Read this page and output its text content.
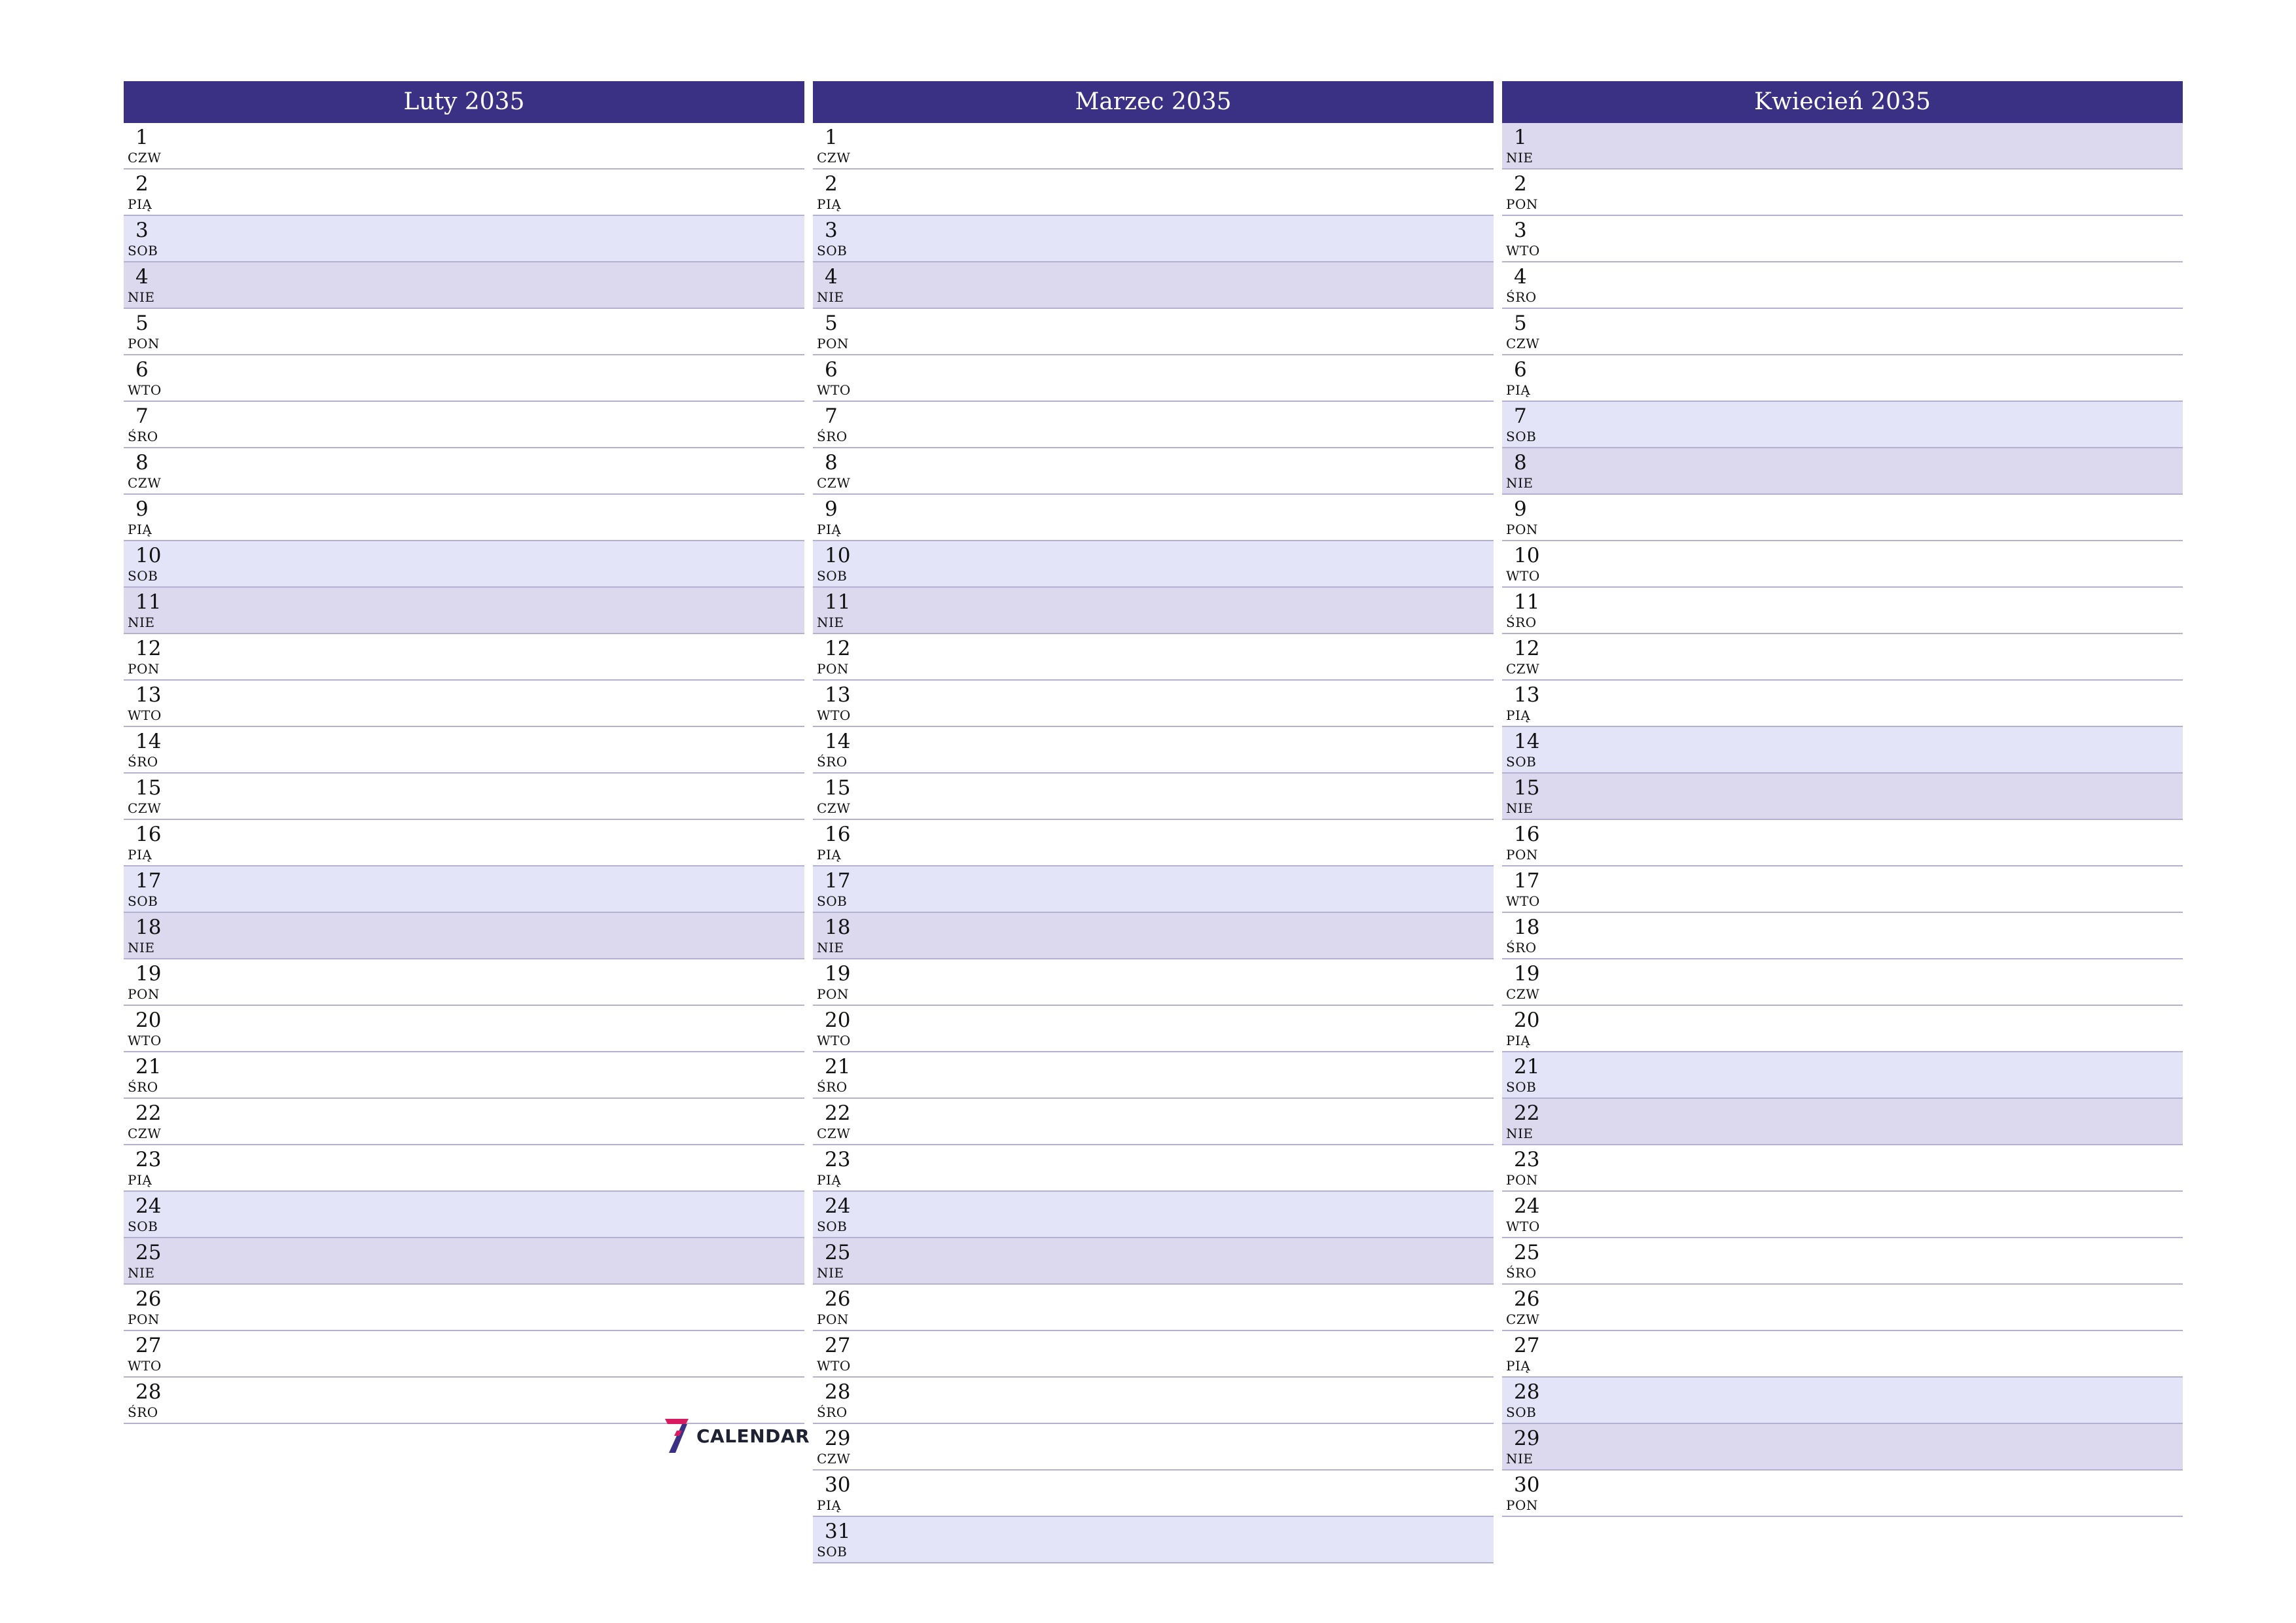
Luty 2035
1
CZW
2
PIĄ
3
SOB
4
NIE
5
PON
6
WTO
7
ŚRO
8
CZW
9
PIĄ
10
SOB
11
NIE
12
PON
13
WTO
14
ŚRO
15
CZW
16
PIĄ
17
SOB
18
NIE
19
PON
20
WTO
21
ŚRO
22
CZW
23
PIĄ
24
SOB
25
NIE
26
PON
27
WTO
28
ŚRO
Marzec 2035
1
CZW
2
PIĄ
3
SOB
4
NIE
5
PON
6
WTO
7
ŚRO
8
CZW
9
PIĄ
10
SOB
11
NIE
12
PON
13
WTO
14
ŚRO
15
CZW
16
PIĄ
17
SOB
18
NIE
19
PON
20
WTO
21
ŚRO
22
CZW
23
PIĄ
24
SOB
25
NIE
26
PON
27
WTO
28
ŚRO
29
CZW
30
PIĄ
31
SOB
Kwiecień 2035
1
NIE
2
PON
3
WTO
4
ŚRO
5
CZW
6
PIĄ
7
SOB
8
NIE
9
PON
10
WTO
11
ŚRO
12
CZW
13
PIĄ
14
SOB
15
NIE
16
PON
17
WTO
18
ŚRO
19
CZW
20
PIĄ
21
SOB
22
NIE
23
PON
24
WTO
25
ŚRO
26
CZW
27
PIĄ
28
SOB
29
NIE
30
PON
CALENDAR
